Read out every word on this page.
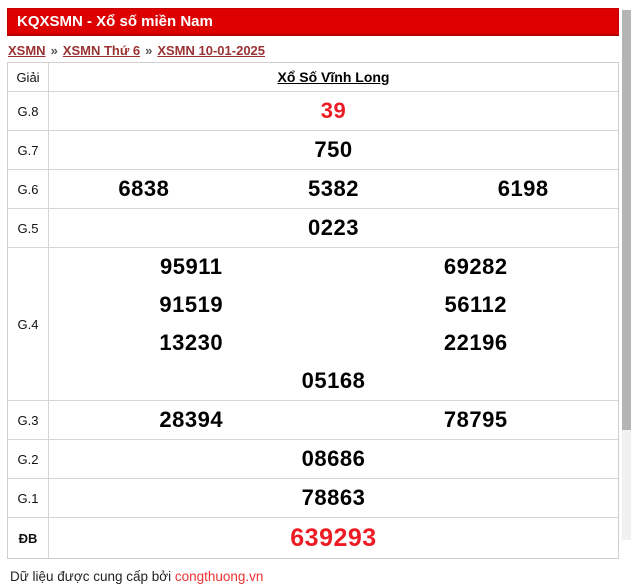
KQXSMN - Xổ số miền Nam
XSMN » XSMN Thứ 6 » XSMN 10-01-2025
Giải	Xổ Số Vĩnh Long
G.8	39
G.7	750
G.6	6838	5382	6198
G.5	0223
G.4
95911	69282
91519	56112
13230	22196
05168
G.3	28394	78795
G.2	08686
G.1	78863
ĐB	639293
Dữ liệu được cung cấp bởi congthuong.vn
